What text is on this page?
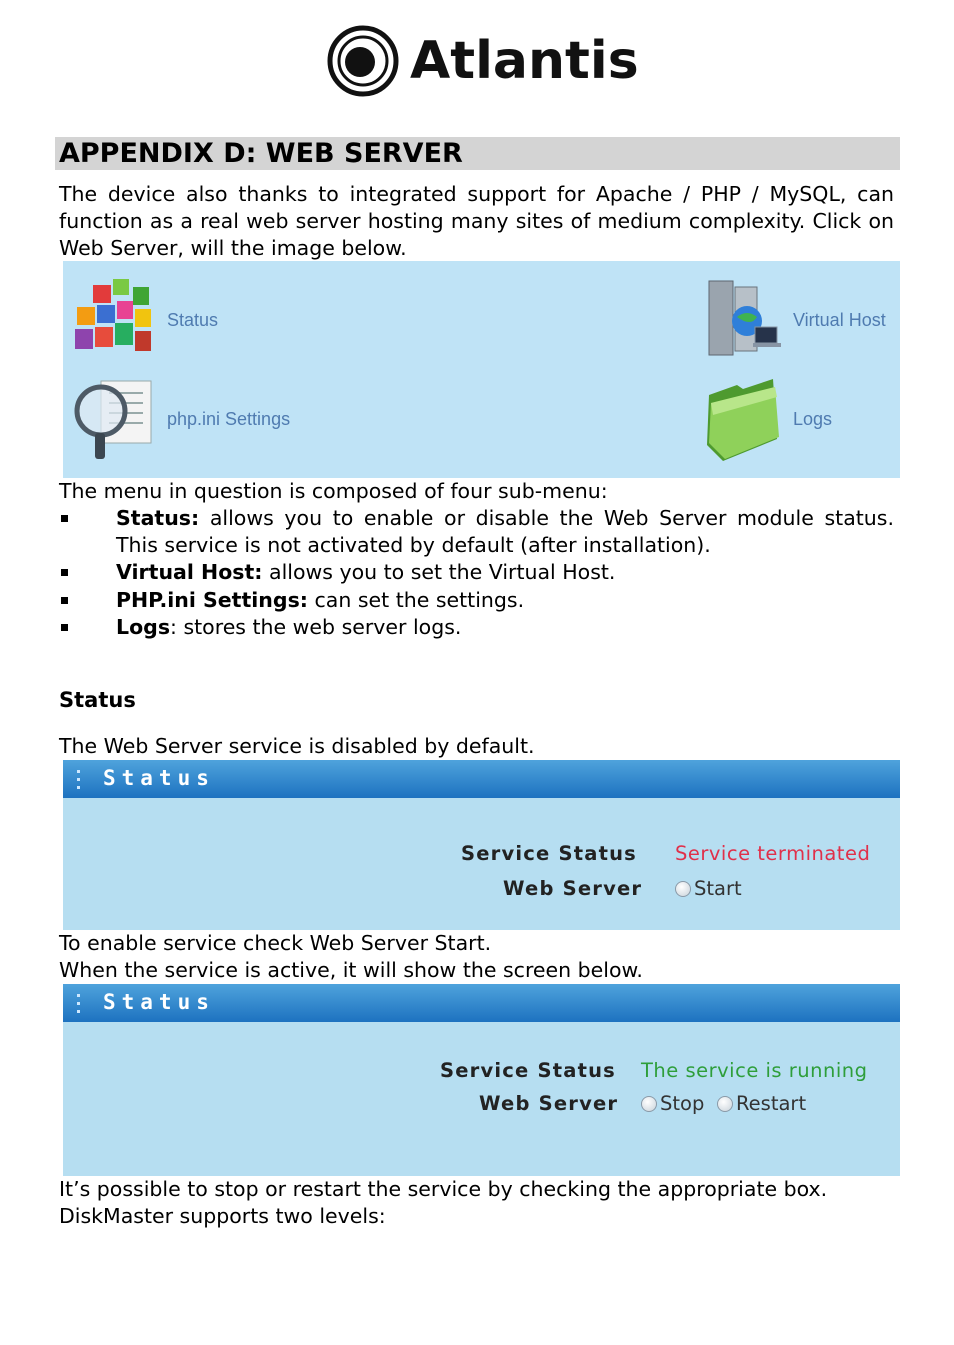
Atlantis
APPENDIX D: WEB SERVER

The device also thanks to integrated support for Apache / PHP / MySQL, can function as a real web server hosting many sites of medium complexity. Click on Web Server, will the image below.

Status	Virtual Host
php.ini Settings	Logs

The menu in question is composed of four sub-menu:

Status: allows you to enable or disable the Web Server module status. This service is not activated by default (after installation).

Virtual Host: allows you to set the Virtual Host.

PHP.ini Settings: can set the settings.

Logs: stores the web server logs.

Status

The Web Server service is disabled by default.

Status
Service Status Service terminated
Web Server	Start

To enable service check Web Server Start.

When the service is active, it will show the screen below.

Status
Service Status The service is running
Web Server Stop Restart

It’s possible to stop or restart the service by checking the appropriate box.

DiskMaster supports two levels:
